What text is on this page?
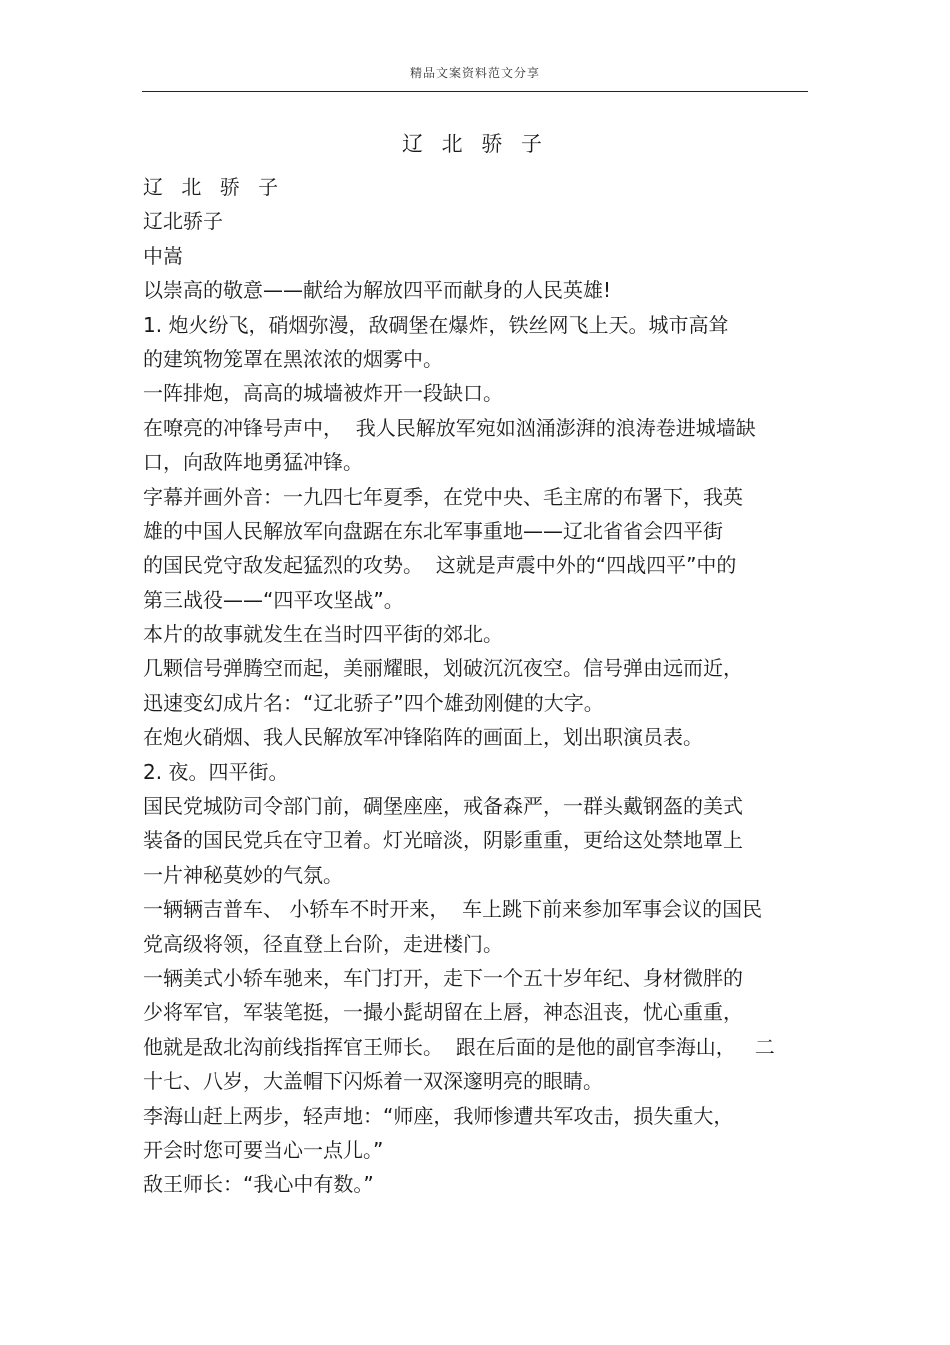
精品文案资料范文分享
辽 北 骄 子
辽 北 骄 子
辽北骄子
中嵩
以崇高的敬意——献给为解放四平而献身的人民英雄!
1. 炮火纷飞，硝烟弥漫，敌碉堡在爆炸，铁丝网飞上天。城市高耸
的建筑物笼罩在黑浓浓的烟雾中。
一阵排炮，高高的城墙被炸开一段缺口。
在嘹亮的冲锋号声中，  我人民解放军宛如汹涌澎湃的浪涛卷进城墙缺
口，向敌阵地勇猛冲锋。
字幕并画外音：一九四七年夏季，在党中央、毛主席的布署下，我英
雄的中国人民解放军向盘踞在东北军事重地——辽北省省会四平街
的国民党守敌发起猛烈的攻势。  这就是声震中外的“四战四平”中的
第三战役——“四平攻坚战”。
本片的故事就发生在当时四平街的郊北。
几颗信号弹腾空而起，美丽耀眼，划破沉沉夜空。信号弹由远而近，
迅速变幻成片名：“辽北骄子”四个雄劲刚健的大字。
在炮火硝烟、我人民解放军冲锋陷阵的画面上，划出职演员表。
2. 夜。四平街。
国民党城防司令部门前，碉堡座座，戒备森严，一群头戴钢盔的美式
装备的国民党兵在守卫着。灯光暗淡，阴影重重，更给这处禁地罩上
一片神秘莫妙的气氛。
一辆辆吉普车、 小轿车不时开来，  车上跳下前来参加军事会议的国民
党高级将领，径直登上台阶，走进楼门。
一辆美式小轿车驰来，车门打开，走下一个五十岁年纪、身材微胖的
少将军官，军装笔挺，一撮小髭胡留在上唇，神态沮丧，忧心重重，
他就是敌北沟前线指挥官王师长。  跟在后面的是他的副官李海山，   二
十七、八岁，大盖帽下闪烁着一双深邃明亮的眼睛。
李海山赶上两步，轻声地：“师座，我师惨遭共军攻击，损失重大，
开会时您可要当心一点儿。”
敌王师长：“我心中有数。”
